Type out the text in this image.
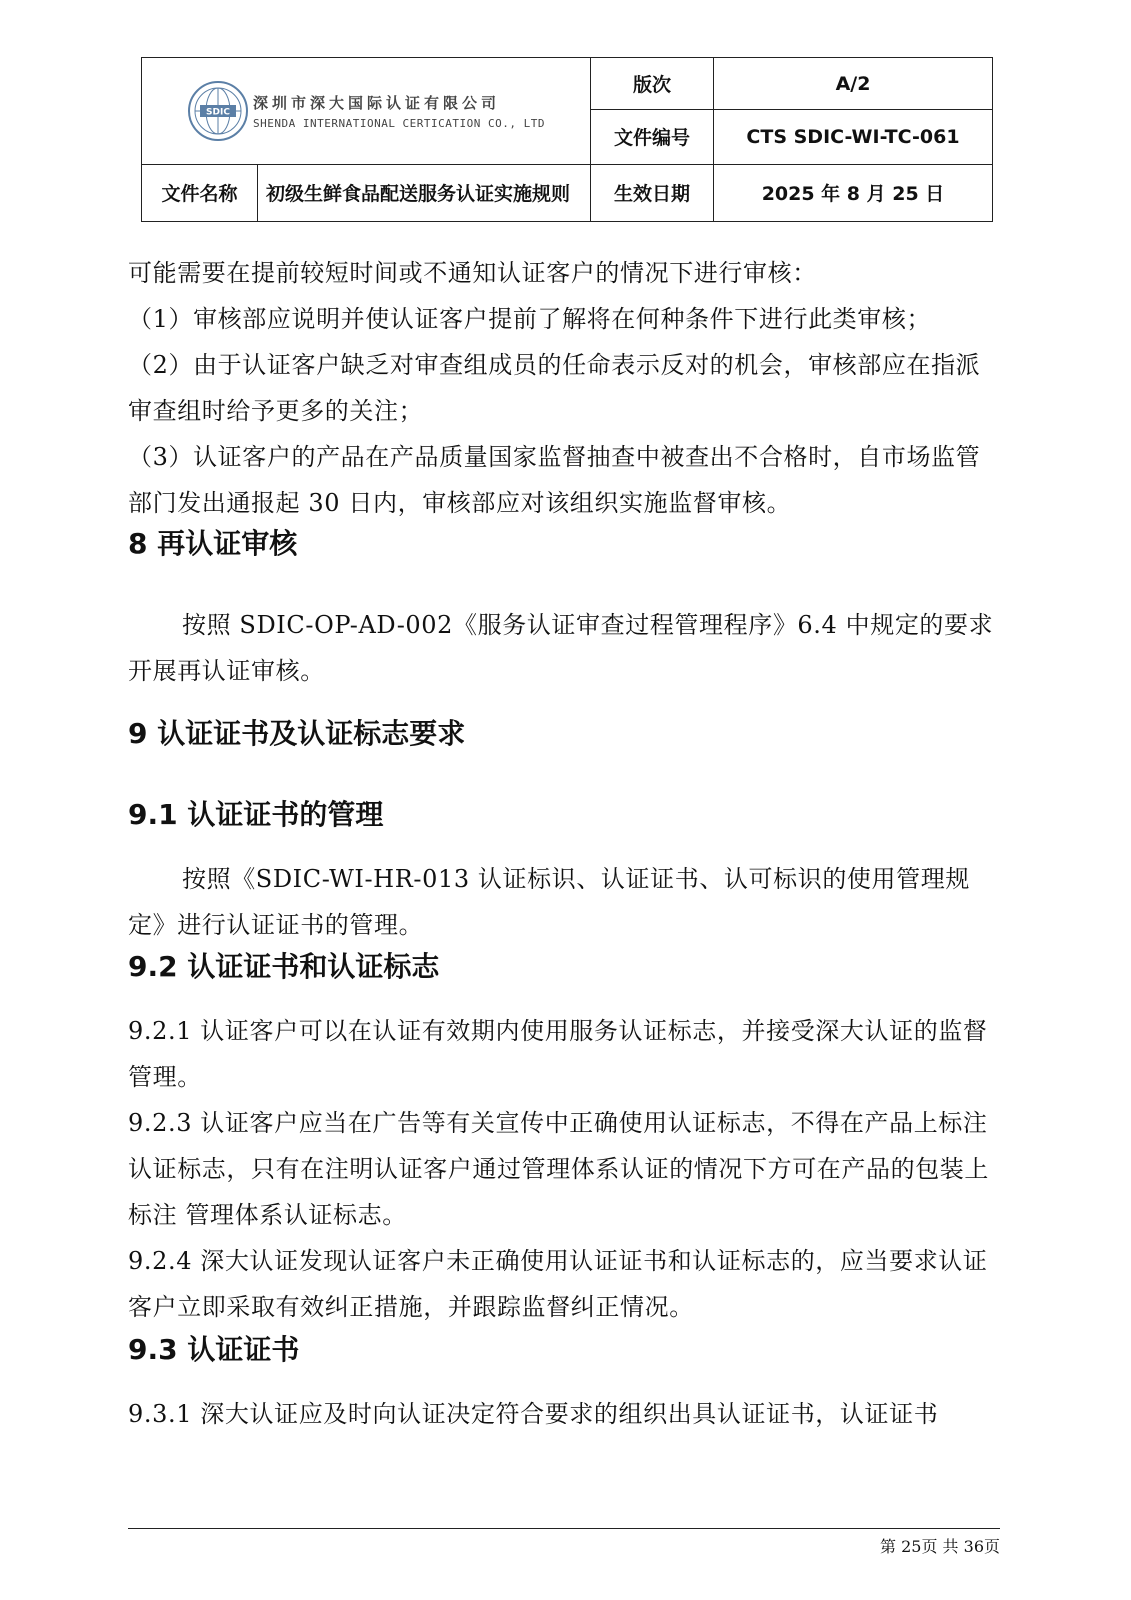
SDIC
深圳市深大国际认证有限公司
SHENDA INTERNATIONAL CERTICATION CO., LTD		版次	A/2
		文件编号	CTS SDIC-WI-TC-061
文件名称	初级生鲜食品配送服务认证实施规则	生效日期	2025 年 8 月 25 日

可能需要在提前较短时间或不通知认证客户的情况下进行审核：

（1）审核部应说明并使认证客户提前了解将在何种条件下进行此类审核；

（2）由于认证客户缺乏对审查组成员的任命表示反对的机会，审核部应在指派审查组时给予更多的关注；

（3）认证客户的产品在产品质量国家监督抽查中被查出不合格时，自市场监管部门发出通报起 30 日内，审核部应对该组织实施监督审核。

8 再认证审核

按照 SDIC-OP-AD-002《服务认证审查过程管理程序》6.4 中规定的要求开展再认证审核。

9 认证证书及认证标志要求
9.1 认证证书的管理

按照《SDIC-WI-HR-013 认证标识、认证证书、认可标识的使用管理规定》进行认证证书的管理。

9.2 认证证书和认证标志

9.2.1 认证客户可以在认证有效期内使用服务认证标志，并接受深大认证的监督管理。

9.2.3 认证客户应当在广告等有关宣传中正确使用认证标志，不得在产品上标注 认证标志，只有在注明认证客户通过管理体系认证的情况下方可在产品的包装上标注 管理体系认证标志。

9.2.4 深大认证发现认证客户未正确使用认证证书和认证标志的，应当要求认证客户立即采取有效纠正措施，并跟踪监督纠正情况。

9.3 认证证书

9.3.1 深大认证应及时向认证决定符合要求的组织出具认证证书，认证证书

第 25页 共 36页
